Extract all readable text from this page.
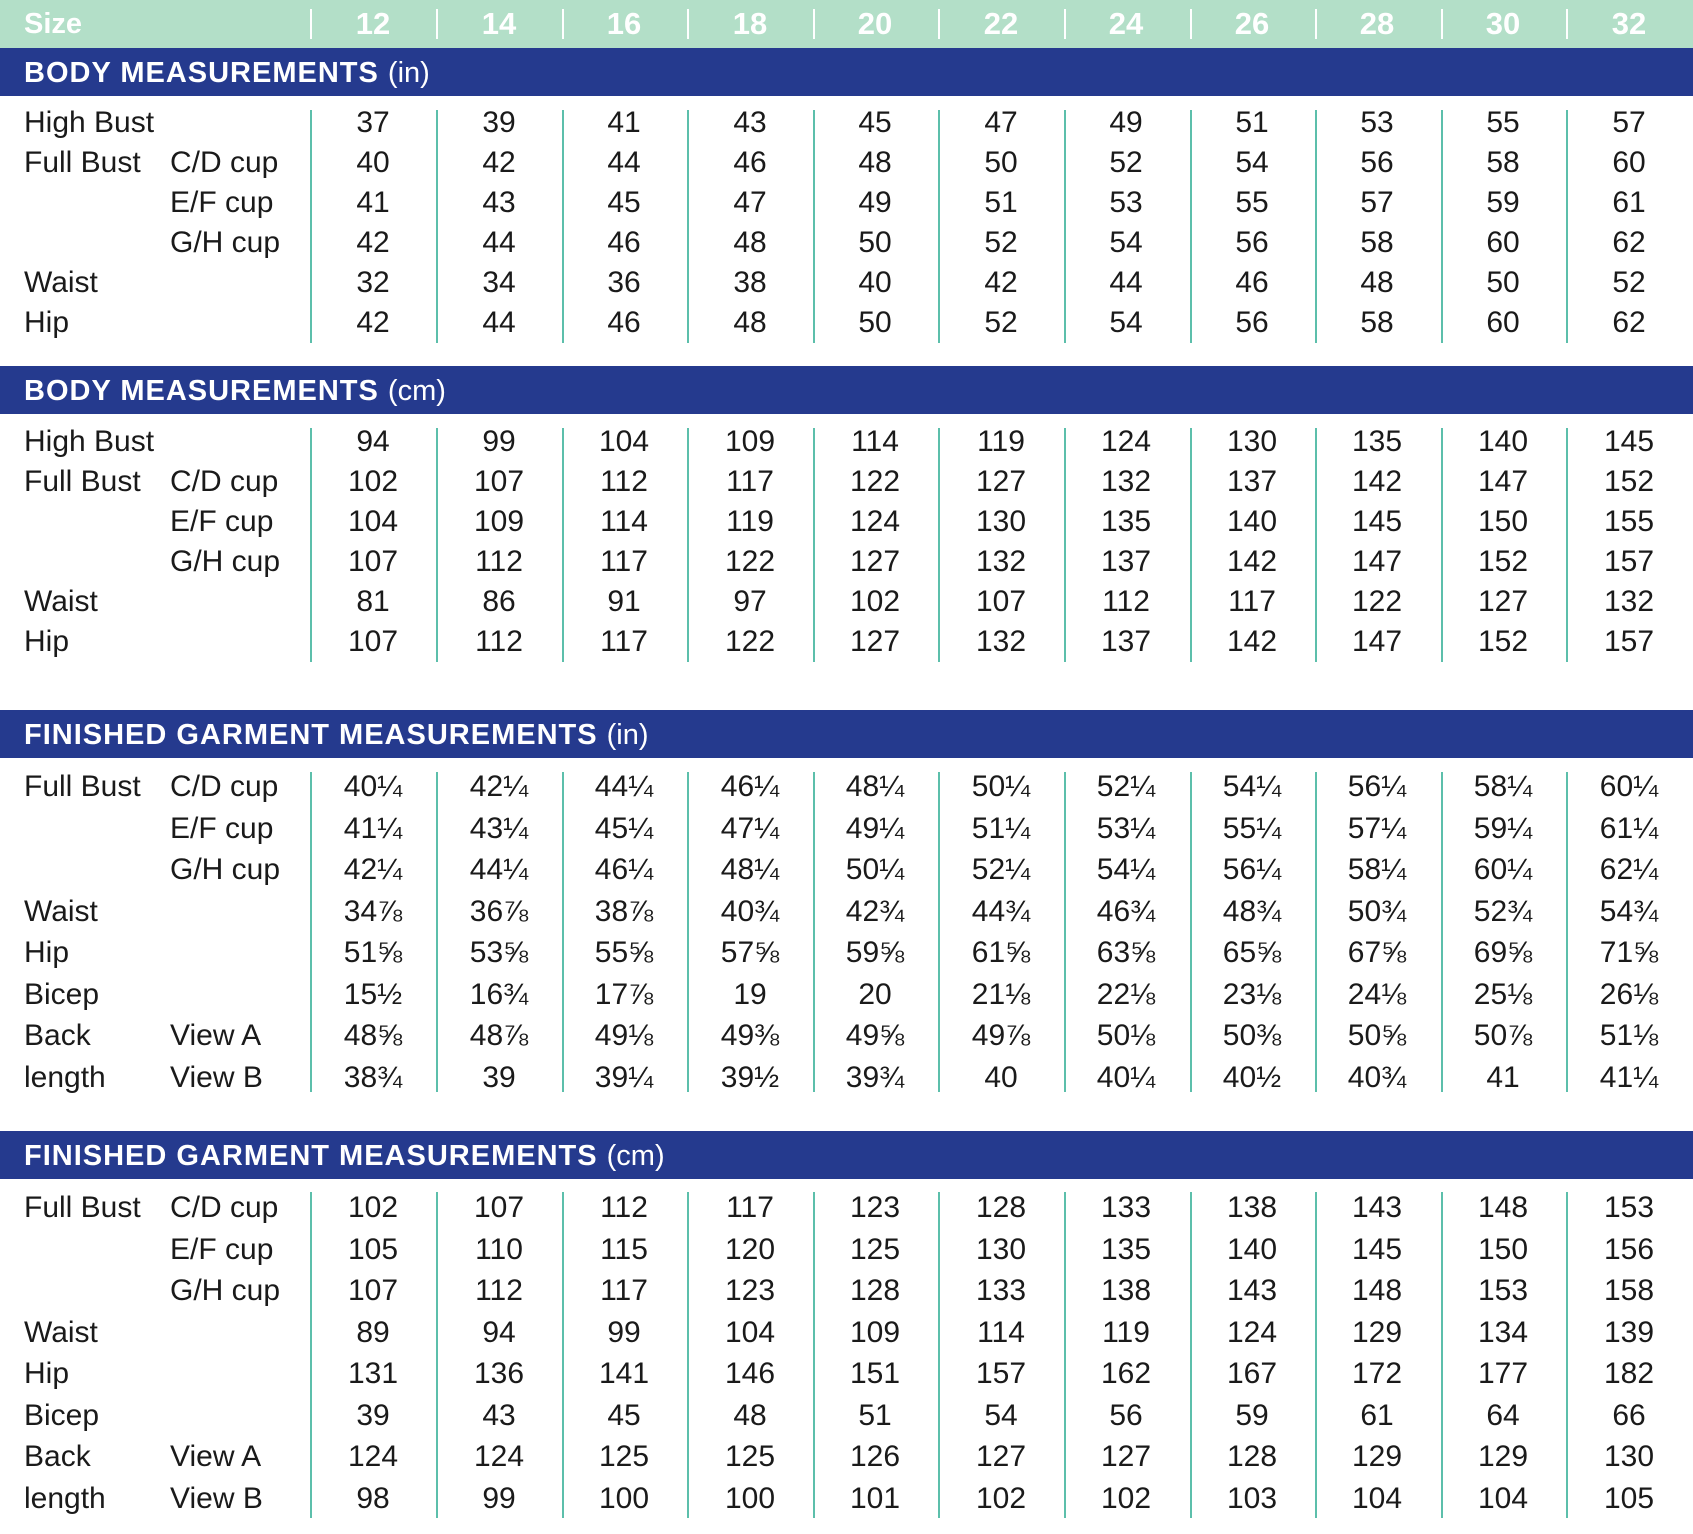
Size	12	14	16	18	20	22	24	26	28	30	32
BODY MEASUREMENTS (in)
High Bust	37	39	41	43	45	47	49	51	53	55	57
Full Bust C/D cup	40	42	44	46	48	50	52	54	56	58	60
E/F cup	41	43	45	47	49	51	53	55	57	59	61
G/H cup	42	44	46	48	50	52	54	56	58	60	62
Waist	32	34	36	38	40	42	44	46	48	50	52
Hip	42	44	46	48	50	52	54	56	58	60	62
BODY MEASUREMENTS (cm)
High Bust	94	99	104	109	114	119	124	130	135	140	145
Full Bust C/D cup	102	107	112	117	122	127	132	137	142	147	152
E/F cup	104	109	114	119	124	130	135	140	145	150	155
G/H cup	107	112	117	122	127	132	137	142	147	152	157
Waist	81	86	91	97	102	107	112	117	122	127	132
Hip	107	112	117	122	127	132	137	142	147	152	157
FINISHED GARMENT MEASUREMENTS (in)
Full Bust C/D cup	40¼	42¼	44¼	46¼	48¼	50¼	52¼	54¼	56¼	58¼	60¼
E/F cup	41¼	43¼	45¼	47¼	49¼	51¼	53¼	55¼	57¼	59¼	61¼
G/H cup	42¼	44¼	46¼	48¼	50¼	52¼	54¼	56¼	58¼	60¼	62¼
Waist	34⅞	36⅞	38⅞	40¾	42¾	44¾	46¾	48¾	50¾	52¾	54¾
Hip	51⅝	53⅝	55⅝	57⅝	59⅝	61⅝	63⅝	65⅝	67⅝	69⅝	71⅝
Bicep	15½	16¾	17⅞	19	20	21⅛	22⅛	23⅛	24⅛	25⅛	26⅛
Back	View A	48⅝	48⅞	49⅛	49⅜	49⅝	49⅞	50⅛	50⅜	50⅝	50⅞	51⅛
length View B	38¾	39	39¼	39½	39¾	40	40¼	40½	40¾	41	41¼
FINISHED GARMENT MEASUREMENTS (cm)
Full Bust C/D cup	102	107	112	117	123	128	133	138	143	148	153
E/F cup	105	110	115	120	125	130	135	140	145	150	156
G/H cup	107	112	117	123	128	133	138	143	148	153	158
Waist	89	94	99	104	109	114	119	124	129	134	139
Hip	131	136	141	146	151	157	162	167	172	177	182
Bicep	39	43	45	48	51	54	56	59	61	64	66
Back	View A	124	124	125	125	126	127	127	128	129	129	130
length View B	98	99	100	100	101	102	102	103	104	104	105
